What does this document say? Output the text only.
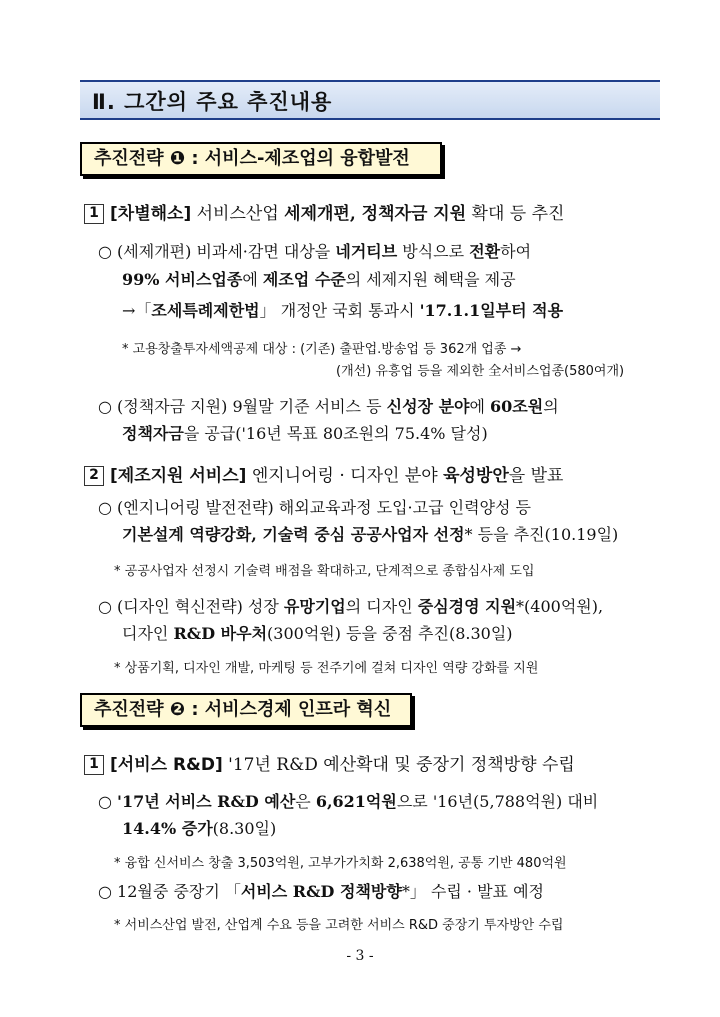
Ⅱ. 그간의 주요 추진내용
추진전략 ❶ : 서비스-제조업의 융합발전
1 [차별해소] 서비스산업 세제개편, 정책자금 지원 확대 등 추진
○ (세제개편) 비과세·감면 대상을 네거티브 방식으로 전환하여
99% 서비스업종에 제조업 수준의 세제지원 혜택을 제공
→「조세특례제한법」 개정안 국회 통과시 '17.1.1일부터 적용
* 고용창출투자세액공제 대상 : (기존) 출판업.방송업 등 362개 업종 →
(개선) 유흥업 등을 제외한 全서비스업종(580여개)
○ (정책자금 지원) 9월말 기준 서비스 등 신성장 분야에 60조원의
정책자금을 공급('16년 목표 80조원의 75.4% 달성)
2 [제조지원 서비스] 엔지니어링 · 디자인 분야 육성방안을 발표
○ (엔지니어링 발전전략) 해외교육과정 도입·고급 인력양성 등
기본설계 역량강화, 기술력 중심 공공사업자 선정* 등을 추진(10.19일)
* 공공사업자 선정시 기술력 배점을 확대하고, 단계적으로 종합심사제 도입
○ (디자인 혁신전략) 성장 유망기업의 디자인 중심경영 지원*(400억원),
디자인 R&D 바우처(300억원) 등을 중점 추진(8.30일)
* 상품기획, 디자인 개발, 마케팅 등 전주기에 걸쳐 디자인 역량 강화를 지원
추진전략 ❷ : 서비스경제 인프라 혁신
1 [서비스 R&D] '17년 R&D 예산확대 및 중장기 정책방향 수립
○ '17년 서비스 R&D 예산은 6,621억원으로 '16년(5,788억원) 대비
14.4% 증가(8.30일)
* 융합 신서비스 창출 3,503억원, 고부가가치화 2,638억원, 공통 기반 480억원
○ 12월중 중장기 「서비스 R&D 정책방향*」 수립 · 발표 예정
* 서비스산업 발전, 산업계 수요 등을 고려한 서비스 R&D 중장기 투자방안 수립
- 3 -
